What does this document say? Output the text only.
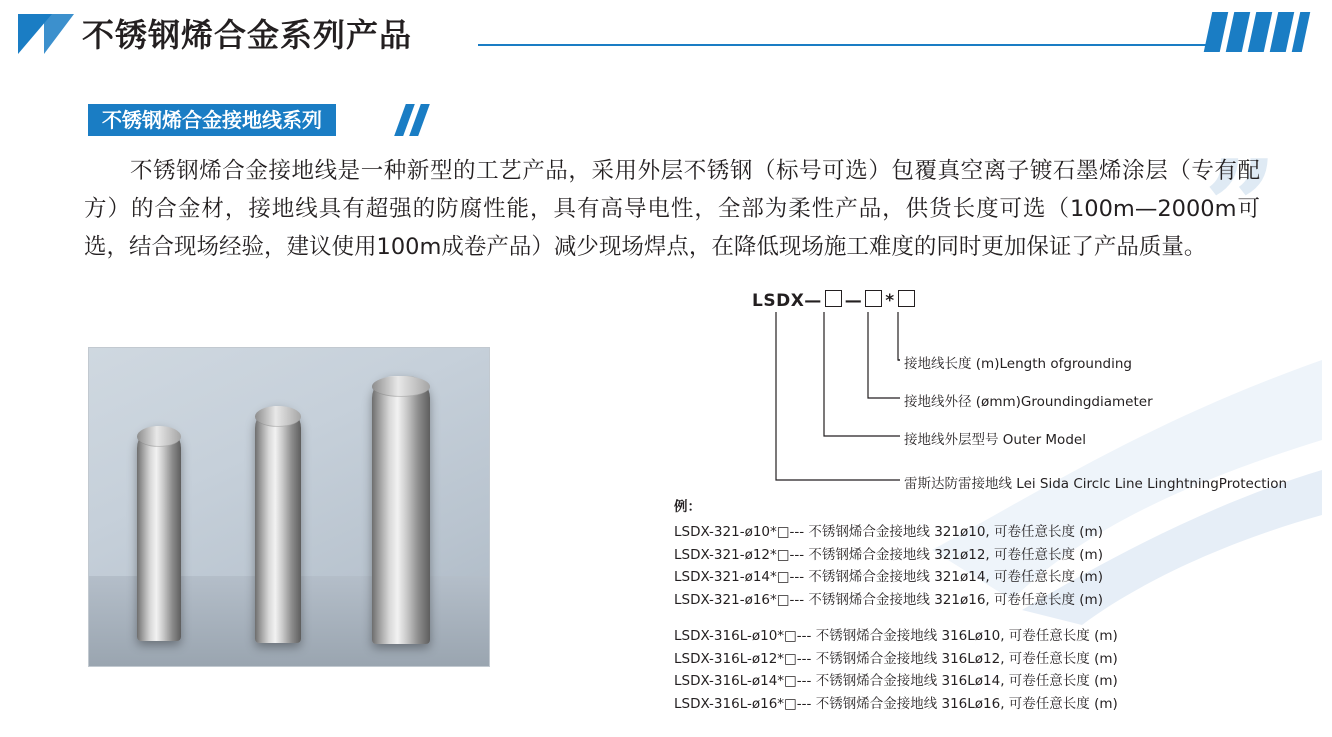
不锈钢烯合金系列产品
”
不锈钢烯合金接地线系列
不锈钢烯合金接地线是一种新型的工艺产品，采用外层不锈钢（标号可选）包覆真空离子镀石墨烯涂层（专有配方）的合金材，接地线具有超强的防腐性能，具有高导电性，全部为柔性产品，供货长度可选（100m—2000m可选，结合现场经验，建议使用100m成卷产品）减少现场焊点，在降低现场施工难度的同时更加保证了产品质量。
LSDX— — *
接地线长度 (m)Length ofgrounding
接地线外径 (ømm)Groundingdiameter
接地线外层型号 Outer Model
雷斯达防雷接地线 Lei Sida Circlc Line LinghtningProtection
例：
LSDX-321-ø10*□--- 不锈钢烯合金接地线 321ø10, 可卷任意长度 (m)
LSDX-321-ø12*□--- 不锈钢烯合金接地线 321ø12, 可卷任意长度 (m)
LSDX-321-ø14*□--- 不锈钢烯合金接地线 321ø14, 可卷任意长度 (m)
LSDX-321-ø16*□--- 不锈钢烯合金接地线 321ø16, 可卷任意长度 (m)
LSDX-316L-ø10*□--- 不锈钢烯合金接地线 316Lø10, 可卷任意长度 (m)
LSDX-316L-ø12*□--- 不锈钢烯合金接地线 316Lø12, 可卷任意长度 (m)
LSDX-316L-ø14*□--- 不锈钢烯合金接地线 316Lø14, 可卷任意长度 (m)
LSDX-316L-ø16*□--- 不锈钢烯合金接地线 316Lø16, 可卷任意长度 (m)
